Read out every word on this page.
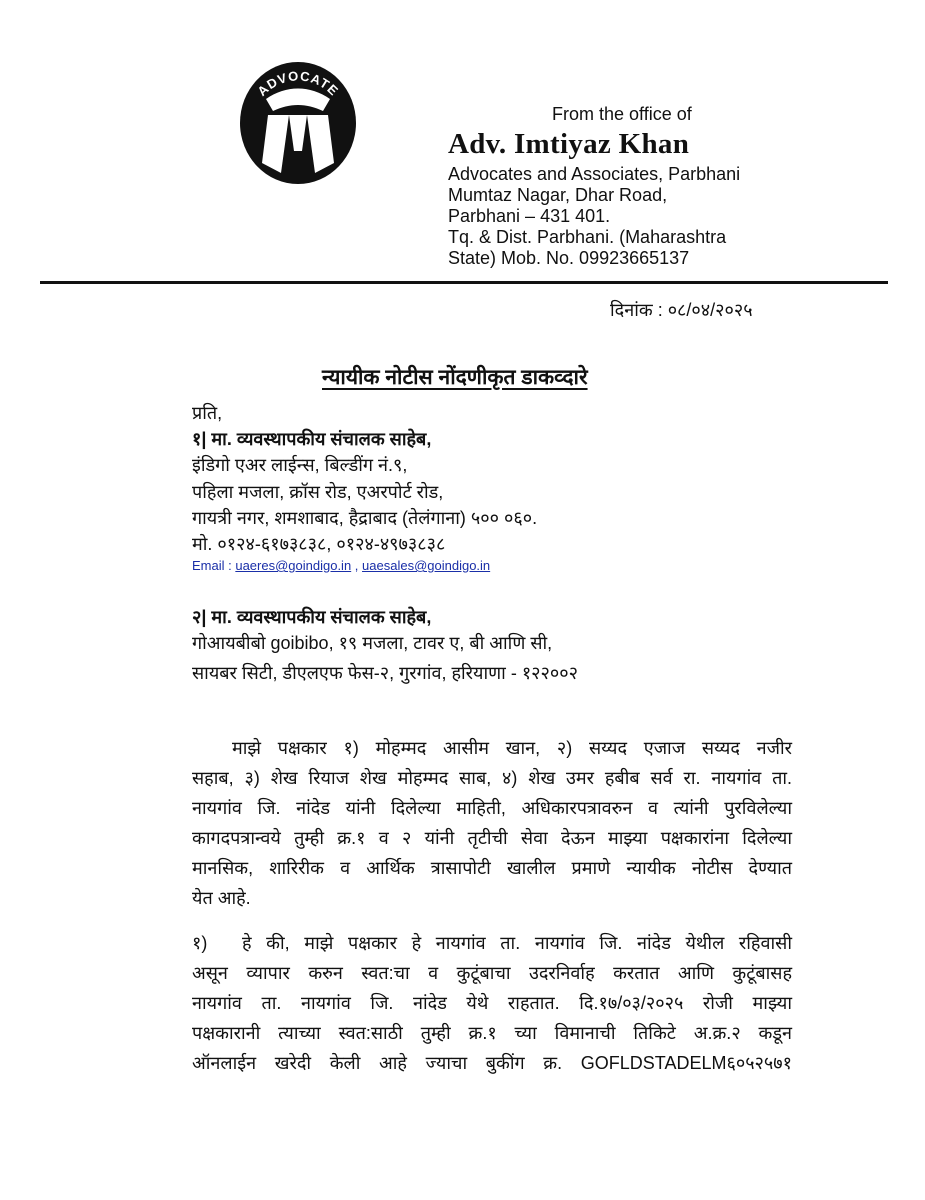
ADVOCATE
From the office of
Adv. Imtiyaz Khan
Advocates and Associates, Parbhani
Mumtaz Nagar, Dhar Road,
Parbhani – 431 401.
Tq. & Dist. Parbhani. (Maharashtra
State) Mob. No. 09923665137
दिनांक : ०८/०४/२०२५
न्यायीक नोटीस नोंदणीकृत डाकव्दारे
प्रति,
१| मा. व्यवस्थापकीय संचालक साहेब,
इंडिगो एअर लाईन्स, बिल्डींग नं.९,
पहिला मजला, क्रॉस रोड, एअरपोर्ट रोड,
गायत्री नगर, शमशाबाद, हैद्राबाद (तेलंगाना) ५०० ०६०.
मो. ०१२४-६१७३८३८, ०१२४-४९७३८३८
Email : uaeres@goindigo.in , uaesales@goindigo.in
२| मा. व्यवस्थापकीय संचालक साहेब,
गोआयबीबो goibibo, १९ मजला, टावर ए, बी आणि सी,
सायबर सिटी, डीएलएफ फेस-२, गुरगांव, हरियाणा - १२२००२
माझे पक्षकार १) मोहम्मद आसीम खान, २) सय्यद एजाज सय्यद नजीर
सहाब, ३) शेख रियाज शेख मोहम्मद साब, ४) शेख उमर हबीब सर्व रा. नायगांव ता.
नायगांव जि. नांदेड यांनी दिलेल्या माहिती, अधिकारपत्रावरुन व त्यांनी पुरविलेल्या
कागदपत्रान्वये तुम्ही क्र.१ व २ यांनी तृटीची सेवा देऊन माझ्या पक्षकारांना दिलेल्या
मानसिक, शारिरीक व आर्थिक त्रासापोटी खालील प्रमाणे न्यायीक नोटीस देण्यात
येत आहे.
१) हे की, माझे पक्षकार हे नायगांव ता. नायगांव जि. नांदेड येथील रहिवासी
असून व्यापार करुन स्वत:चा व कुटूंबाचा उदरनिर्वाह करतात आणि कुटूंबासह
नायगांव ता. नायगांव जि. नांदेड येथे राहतात. दि.१७/०३/२०२५ रोजी माझ्या
पक्षकारानी त्याच्या स्वत:साठी तुम्ही क्र.१ च्या विमानाची तिकिटे अ.क्र.२ कडून
ऑनलाईन खरेदी केली आहे ज्याचा बुकींग क्र. GOFLDSTADELM६०५२५७१
